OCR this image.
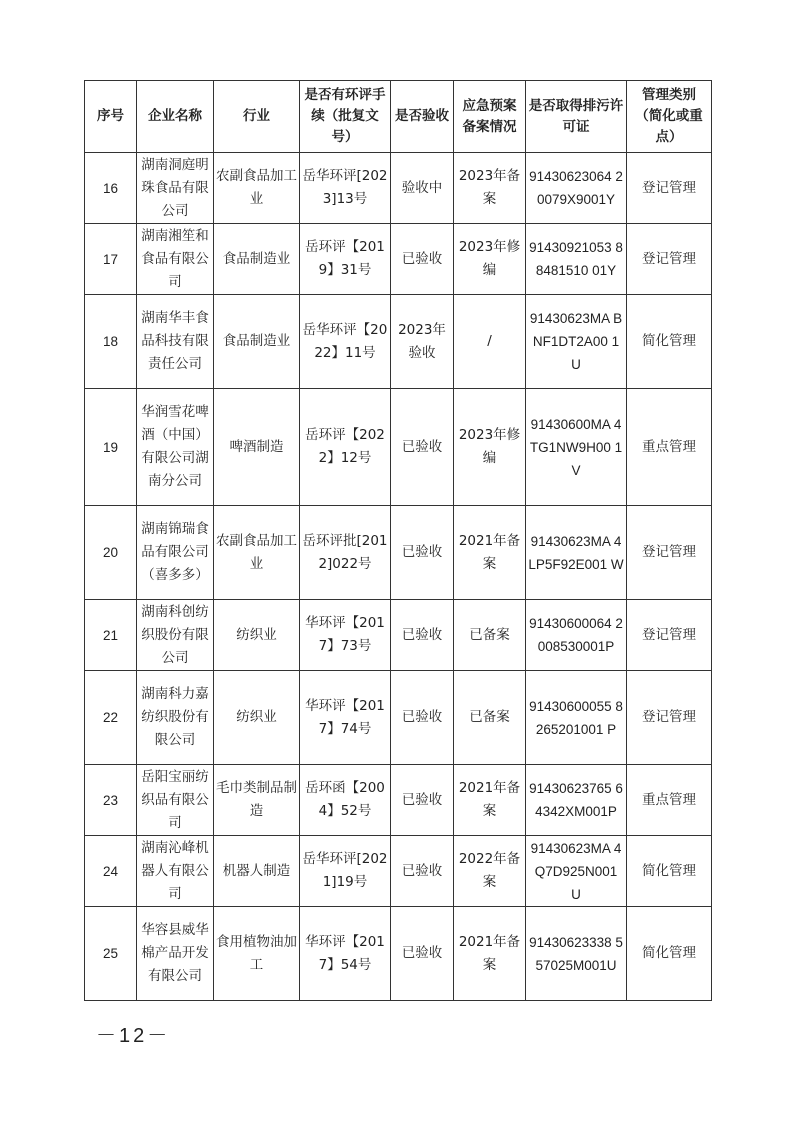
序号	企业名称	行业	是否有环评手续（批复文号）	是否验收	应急预案备案情况	是否取得排污许可证	管理类别（简化或重点）
16	湖南洞庭明珠食品有限公司	农副食品加工业	岳华环评[2023]13号	验收中	2023年备案	91430623064 20079X9001Y	登记管理
17	湖南湘笙和食品有限公司	食品制造业	岳环评【2019】31号	已验收	2023年修编	91430921053 88481510 01Y	登记管理
18	湖南华丰食品科技有限责任公司	食品制造业	岳华环评【2022】11号	2023年验收	/	91430623MA BNF1DT2A00 1U	简化管理
19	华润雪花啤酒（中国）有限公司湖南分公司	啤酒制造	岳环评【2022】12号	已验收	2023年修编	91430600MA 4TG1NW9H00 1V	重点管理
20	湖南锦瑞食品有限公司（喜多多）	农副食品加工业	岳环评批[2012]022号	已验收	2021年备案	91430623MA 4LP5F92E001 W	登记管理
21	湖南科创纺织股份有限公司	纺织业	华环评【2017】73号	已验收	已备案	91430600064 2008530001P	登记管理
22	湖南科力嘉纺织股份有限公司	纺织业	华环评【2017】74号	已验收	已备案	91430600055 8265201001 P	登记管理
23	岳阳宝丽纺织品有限公司	毛巾类制品制造	岳环函【2004】52号	已验收	2021年备案	91430623765 64342XM001P	重点管理
24	湖南沁峰机器人有限公司	机器人制造	岳华环评[2021]19号	已验收	2022年备案	91430623MA 4Q7D925N001 U	简化管理
25	华容县威华棉产品开发有限公司	食用植物油加工	华环评【2017】54号	已验收	2021年备案	91430623338 557025M001U	简化管理
－12－
